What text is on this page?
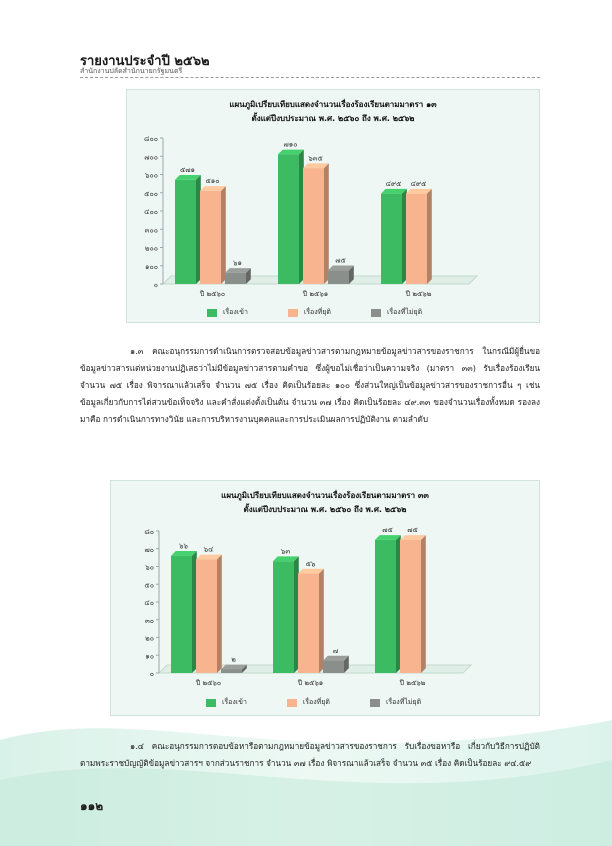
รายงานประจำปี ๒๕๖๒
สำนักงานปลัดสำนักนายกรัฐมนตรี
แผนภูมิเปรียบเทียบแสดงจำนวนเรื่องร้องเรียนตามมาตรา ๑๓
ตั้งแต่ปีงบประมาณ พ.ศ. ๒๕๖๐ ถึง พ.ศ. ๒๕๖๒
๐
๑๐๐
๒๐๐
๓๐๐
๔๐๐
๕๐๐
๖๐๐
๗๐๐
๘๐๐
๕๗๑
๕๑๐
๖๑
ปี ๒๕๖๐
๗๑๐
๖๓๕
๗๕
ปี ๒๕๖๑
๔๙๕ ๔๙๕
ปี ๒๕๖๒
เรื่องเข้า	เรื่องที่ยุติ	เรื่องที่ไม่ยุติ

๑.๓ คณะอนุกรรมการดำเนินการตรวจสอบข้อมูลข่าวสารตามกฎหมายข้อมูลข่าวสารของราชการ ในกรณีมีผู้ยื่นขอข้อมูลข่าวสารแต่หน่วยงานปฏิเสธว่าไม่มีข้อมูลข่าวสารตามคำขอ ซึ่งผู้ขอไม่เชื่อว่าเป็นความจริง (มาตรา ๓๓) รับเรื่องร้องเรียน จำนวน ๗๕ เรื่อง พิจารณาแล้วเสร็จ จำนวน ๗๕ เรื่อง คิดเป็นร้อยละ ๑๐๐ ซึ่งส่วนใหญ่เป็นข้อมูลข่าวสารของราชการอื่น ๆ เช่น ข้อมูลเกี่ยวกับการไต่สวนข้อเท็จจริง และคำสั่งแต่งตั้งเป็นต้น จำนวน ๓๗ เรื่อง คิดเป็นร้อยละ ๔๙.๓๓ ของจำนวนเรื่องทั้งหมด รองลงมาคือ การดำเนินการทางวินัย และการบริหารงานบุคคลและการประเมินผลการปฏิบัติงาน ตามลำดับ

แผนภูมิเปรียบเทียบแสดงจำนวนเรื่องร้องเรียนตามมาตรา ๓๓
ตั้งแต่ปีงบประมาณ พ.ศ. ๒๕๖๐ ถึง พ.ศ. ๒๕๖๒
๐
๑๐
๒๐
๓๐
๔๐
๕๐
๖๐
๗๐
๘๐
๖๖ ๖๔
๒
ปี ๒๕๖๐
๖๓
๕๖
๗
ปี ๒๕๖๑
๗๕ ๗๕
ปี ๒๕๖๒
เรื่องเข้า	เรื่องที่ยุติ	เรื่องที่ไม่ยุติ

๑.๔ คณะอนุกรรมการตอบข้อหารือตามกฎหมายข้อมูลข่าวสารของราชการ รับเรื่องขอหารือ เกี่ยวกับวิธีการปฏิบัติตามพระราชบัญญัติข้อมูลข่าวสารฯ จากส่วนราชการ จำนวน ๓๗ เรื่อง พิจารณาแล้วเสร็จ จำนวน ๓๕ เรื่อง คิดเป็นร้อยละ ๙๔.๕๙

๑๑๒
